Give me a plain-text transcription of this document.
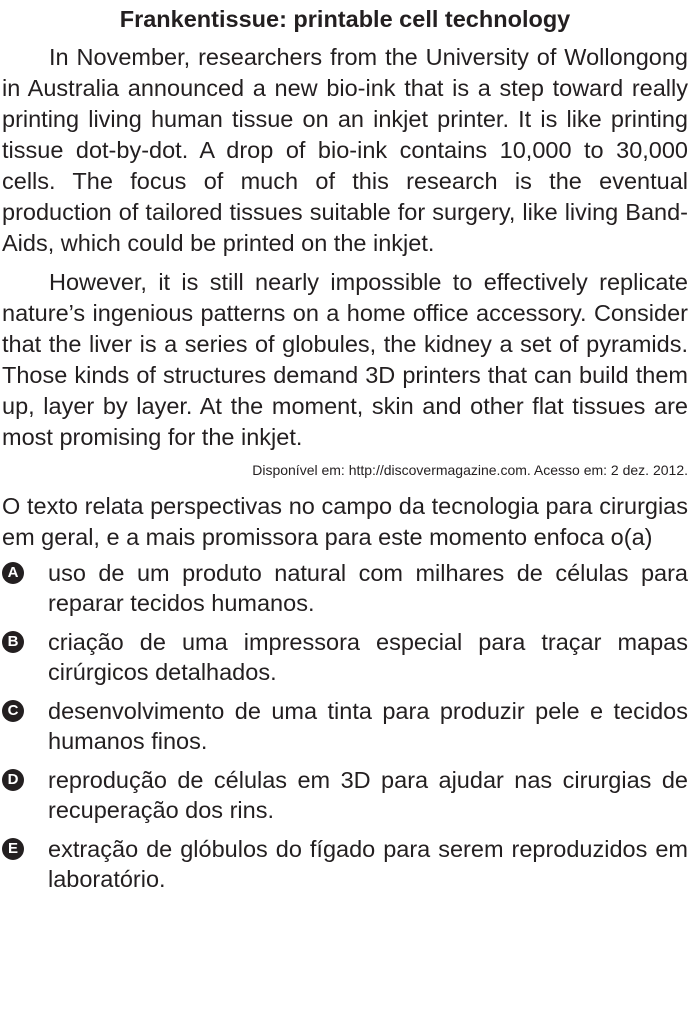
Frankentissue: printable cell technology

In November, researchers from the University of Wollongong in Australia announced a new bio-ink that is a step toward really printing living human tissue on an inkjet printer. It is like printing tissue dot-by-dot. A drop of bio-ink contains 10,000 to 30,000 cells. The focus of much of this research is the eventual production of tailored tissues suitable for surgery, like living Band-Aids, which could be printed on the inkjet.

However, it is still nearly impossible to effectively replicate nature’s ingenious patterns on a home office accessory. Consider that the liver is a series of globules, the kidney a set of pyramids. Those kinds of structures demand 3D printers that can build them up, layer by layer. At the moment, skin and other flat tissues are most promising for the inkjet.

Disponível em: http://discovermagazine.com. Acesso em: 2 dez. 2012.

O texto relata perspectivas no campo da tecnologia para cirurgias em geral, e a mais promissora para este momento enfoca o(a)

A uso de um produto natural com milhares de células para reparar tecidos humanos.
B criação de uma impressora especial para traçar mapas cirúrgicos detalhados.
C desenvolvimento de uma tinta para produzir pele e tecidos humanos finos.
D reprodução de células em 3D para ajudar nas cirurgias de recuperação dos rins.
E extração de glóbulos do fígado para serem reproduzidos em laboratório.
